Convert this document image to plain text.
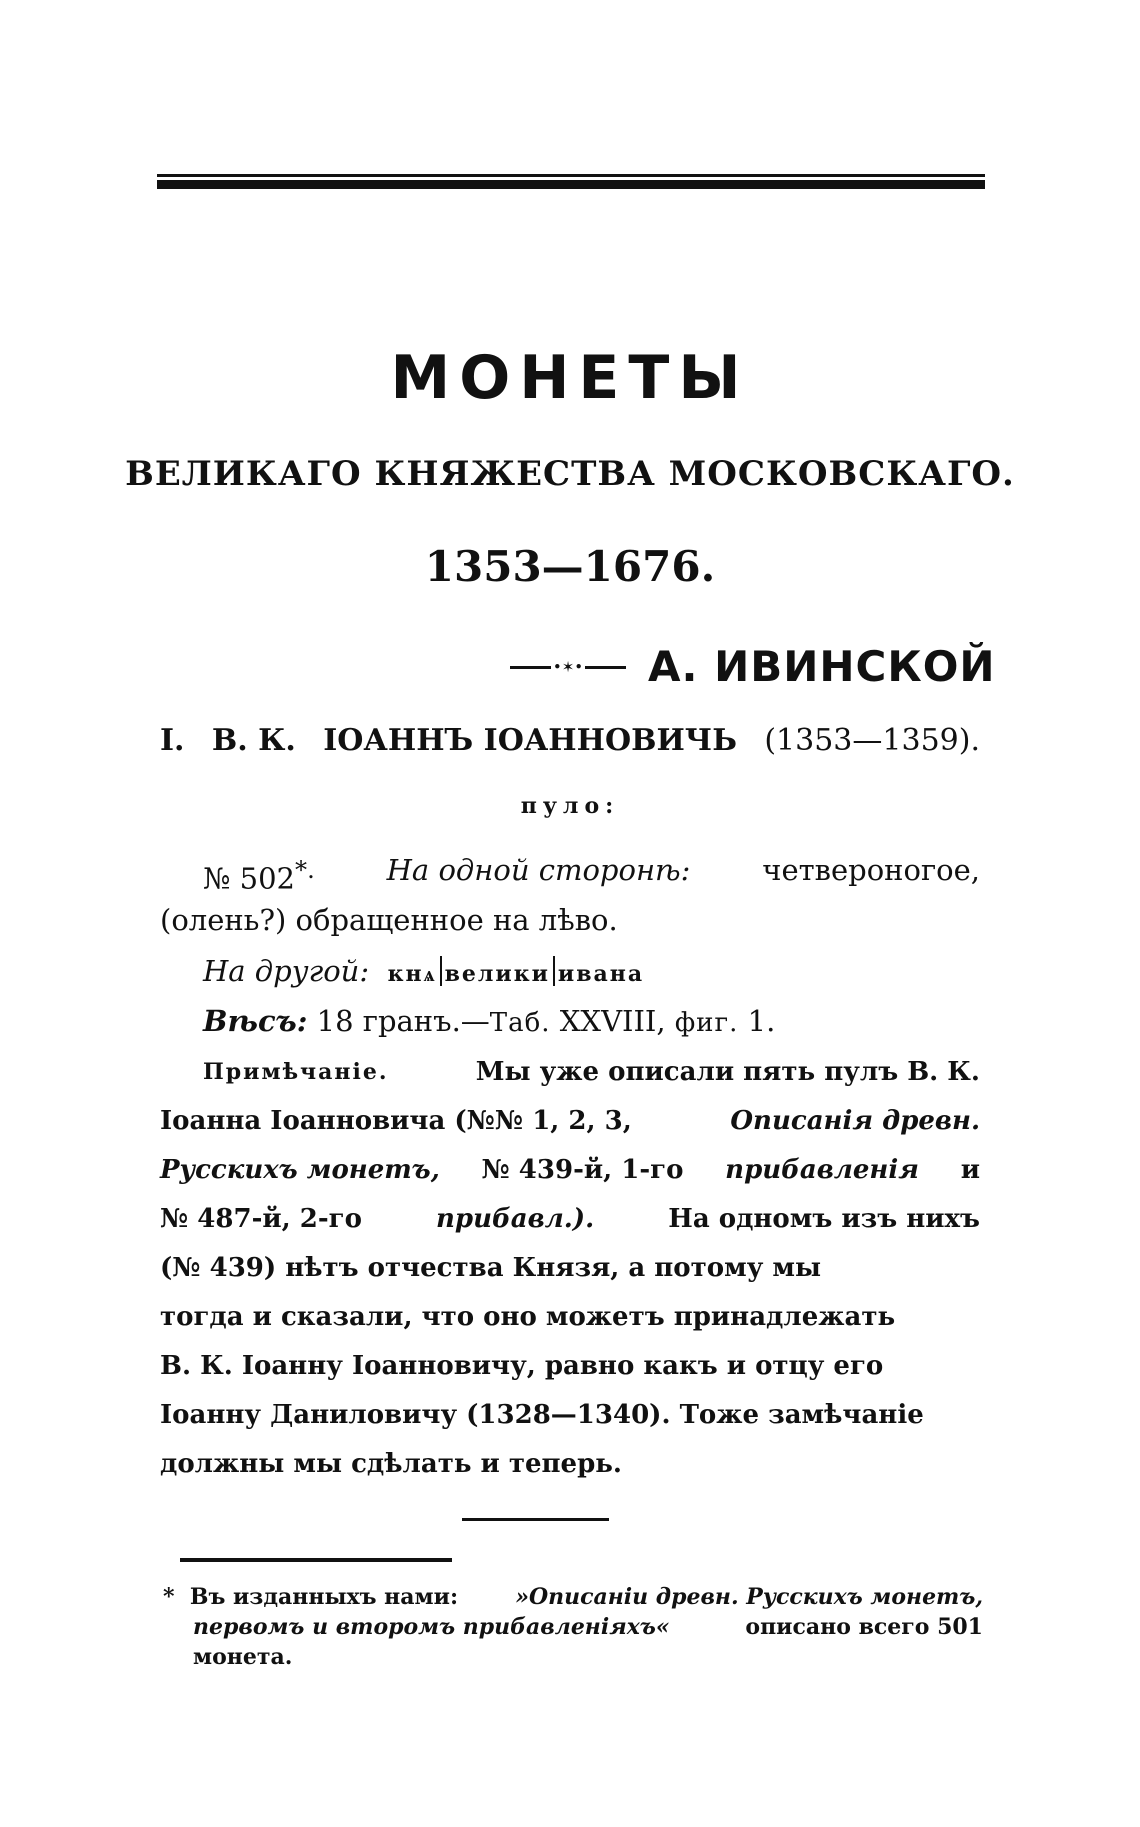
МОНЕТЫ
ВЕЛИКАГО КНЯЖЕСТВА МОСКОВСКАГО.
1353—1676.
•✶• А. ИВИНСКОЙ
I. В. К. ІОАННЪ ІОАННОВИЧЬ (1353—1359).
пуло:
№ 502*. На одной сторонѣ: четвероногое,
(олень?) обращенное на лѣво.
На другой: кнѧ велики ивана
Вѣсъ: 18 гранъ.—Таб. XXVIII, фиг. 1.
Примѣчаніе.	Мы уже описали пять пулъ В. К.
Іоанна Іоанновича (№№ 1, 2, 3,	Описанія древн.
Русскихъ монетъ, № 439-й, 1-го прибавленія и
№ 487-й, 2-го	прибавл.).	На одномъ изъ нихъ
(№ 439) нѣтъ отчества Князя, а потому мы
тогда и сказали, что оно можетъ принадлежать
В. К. Іоанну Іоанновичу, равно какъ и отцу его
Іоанну Даниловичу (1328—1340). Тоже замѣчаніе
должны мы сдѣлать и теперь.
* Въ изданныхъ нами:	»Описаніи древн. Русскихъ монетъ,
первомъ и второмъ прибавленіяхъ«	описано всего 501
монета.
